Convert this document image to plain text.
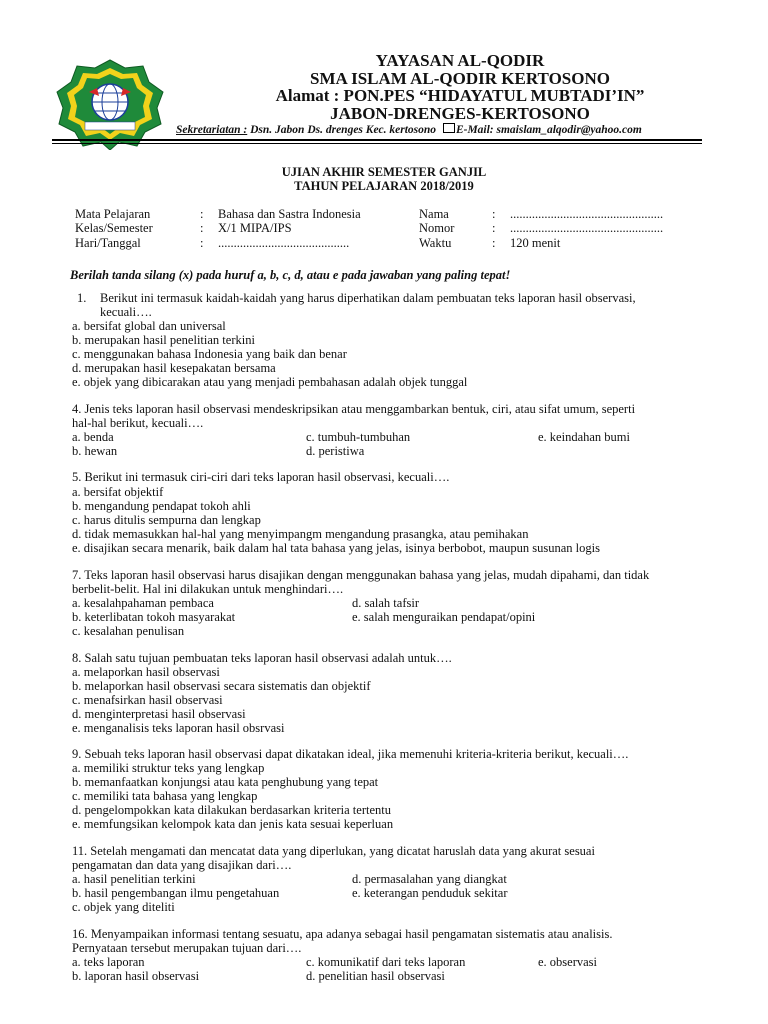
YAYASAN AL-QODIR
SMA ISLAM AL-QODIR KERTOSONO
Alamat : PON.PES “HIDAYATUL MUBTADI’IN”
JABON-DRENGES-KERTOSONO
Sekretariatan : Dsn. Jabon Ds. drenges Kec. kertosono E-Mail: smaislam_alqodir@yahoo.com
UJIAN AKHIR SEMESTER GANJIL
TAHUN PELAJARAN 2018/2019
Mata Pelajaran	: Bahasa dan Sastra Indonesia	Nama	: .................................................
Kelas/Semester	: X/1 MIPA/IPS	Nomor	: .................................................
Hari/Tanggal	: ..........................................	Waktu	: 120 menit
Berilah tanda silang (x) pada huruf a, b, c, d, atau e pada jawaban yang paling tepat!
1. Berikut ini termasuk kaidah-kaidah yang harus diperhatikan dalam pembuatan teks laporan hasil observasi,
kecuali….
a. bersifat global dan universal
b. merupakan hasil penelitian terkini
c. menggunakan bahasa Indonesia yang baik dan benar
d. merupakan hasil kesepakatan bersama
e. objek yang dibicarakan atau yang menjadi pembahasan adalah objek tunggal
4. Jenis teks laporan hasil observasi mendeskripsikan atau menggambarkan bentuk, ciri, atau sifat umum, seperti
hal-hal berikut, kecuali….
a. benda
b. hewan
c. tumbuh-tumbuhan
d. peristiwa
e. keindahan bumi
5. Berikut ini termasuk ciri-ciri dari teks laporan hasil observasi, kecuali….
a. bersifat objektif
b. mengandung pendapat tokoh ahli
c. harus ditulis sempurna dan lengkap
d. tidak memasukkan hal-hal yang menyimpangm mengandung prasangka, atau pemihakan
e. disajikan secara menarik, baik dalam hal tata bahasa yang jelas, isinya berbobot, maupun susunan logis
7. Teks laporan hasil observasi harus disajikan dengan menggunakan bahasa yang jelas, mudah dipahami, dan tidak
berbelit-belit. Hal ini dilakukan untuk menghindari….
a. kesalahpahaman pembaca
b. keterlibatan tokoh masyarakat
c. kesalahan penulisan
d. salah tafsir
e. salah menguraikan pendapat/opini
8. Salah satu tujuan pembuatan teks laporan hasil observasi adalah untuk….
a. melaporkan hasil observasi
b. melaporkan hasil observasi secara sistematis dan objektif
c. menafsirkan hasil observasi
d. menginterpretasi hasil observasi
e. menganalisis teks laporan hasil obsrvasi
9. Sebuah teks laporan hasil observasi dapat dikatakan ideal, jika memenuhi kriteria-kriteria berikut, kecuali….
a. memiliki struktur teks yang lengkap
b. memanfaatkan konjungsi atau kata penghubung yang tepat
c. memiliki tata bahasa yang lengkap
d. pengelompokkan kata dilakukan berdasarkan kriteria tertentu
e. memfungsikan kelompok kata dan jenis kata sesuai keperluan
11. Setelah mengamati dan mencatat data yang diperlukan, yang dicatat haruslah data yang akurat sesuai
pengamatan dan data yang disajikan dari….
a. hasil penelitian terkini
b. hasil pengembangan ilmu pengetahuan
c. objek yang diteliti
d. permasalahan yang diangkat
e. keterangan penduduk sekitar
16. Menyampaikan informasi tentang sesuatu, apa adanya sebagai hasil pengamatan sistematis atau analisis.
Pernyataan tersebut merupakan tujuan dari….
a. teks laporan
b. laporan hasil observasi
c. komunikatif dari teks laporan
d. penelitian hasil observasi
e. observasi
